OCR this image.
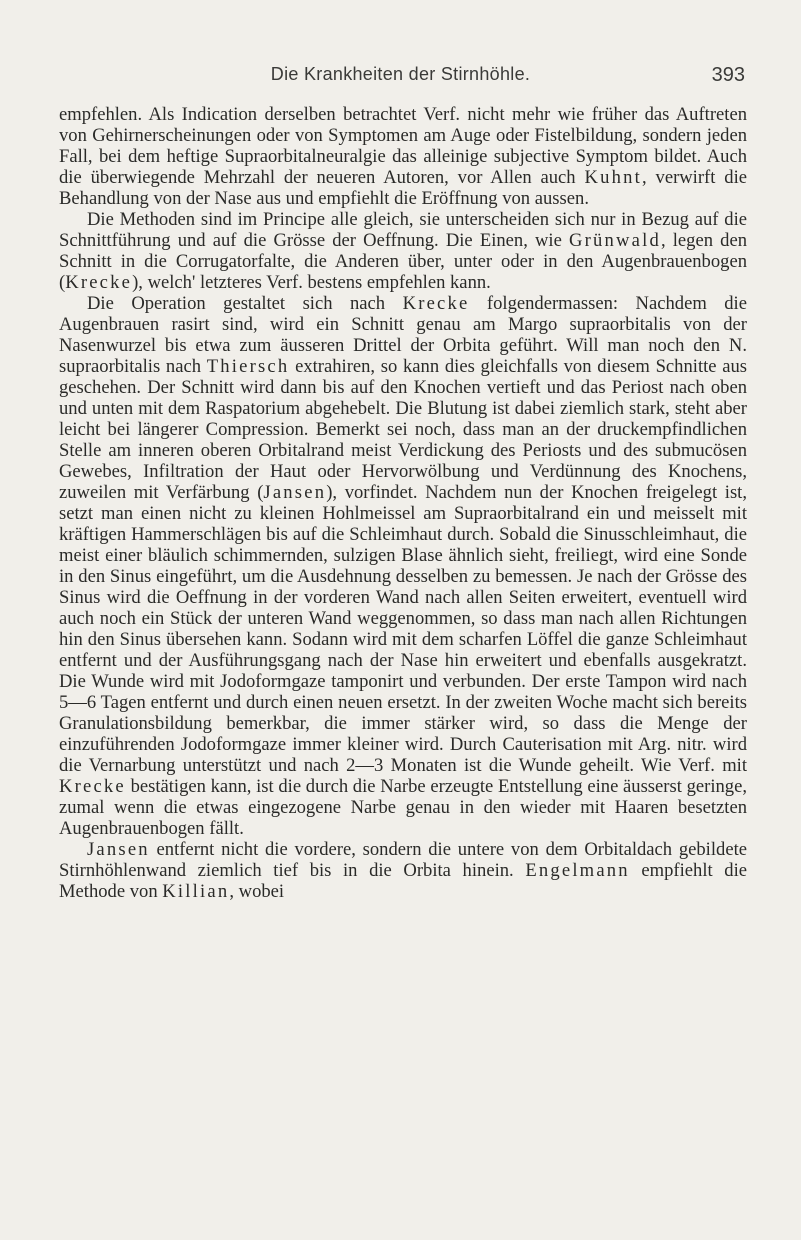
Die Krankheiten der Stirnhöhle.	393

empfehlen. Als Indication derselben betrachtet Verf. nicht mehr wie früher das Auftreten von Gehirnerscheinungen oder von Symptomen am Auge oder Fistelbildung, sondern jeden Fall, bei dem heftige Supraorbitalneuralgie das alleinige subjective Symptom bildet. Auch die überwiegende Mehrzahl der neueren Autoren, vor Allen auch Kuhnt, verwirft die Behandlung von der Nase aus und empfiehlt die Eröffnung von aussen.

Die Methoden sind im Principe alle gleich, sie unterscheiden sich nur in Bezug auf die Schnittführung und auf die Grösse der Oeffnung. Die Einen, wie Grünwald, legen den Schnitt in die Corrugatorfalte, die Anderen über, unter oder in den Augenbrauenbogen (Krecke), welch' letzteres Verf. bestens empfehlen kann.

Die Operation gestaltet sich nach Krecke folgendermassen: Nachdem die Augenbrauen rasirt sind, wird ein Schnitt genau am Margo supraorbitalis von der Nasenwurzel bis etwa zum äusseren Drittel der Orbita geführt. Will man noch den N. supraorbitalis nach Thiersch extrahiren, so kann dies gleichfalls von diesem Schnitte aus geschehen. Der Schnitt wird dann bis auf den Knochen vertieft und das Periost nach oben und unten mit dem Raspatorium abgehebelt. Die Blutung ist dabei ziemlich stark, steht aber leicht bei längerer Compression. Bemerkt sei noch, dass man an der druckempfindlichen Stelle am inneren oberen Orbitalrand meist Verdickung des Periosts und des submucösen Gewebes, Infiltration der Haut oder Hervorwölbung und Verdünnung des Knochens, zuweilen mit Verfärbung (Jansen), vorfindet. Nachdem nun der Knochen freigelegt ist, setzt man einen nicht zu kleinen Hohlmeissel am Supraorbitalrand ein und meisselt mit kräftigen Hammerschlägen bis auf die Schleimhaut durch. Sobald die Sinusschleimhaut, die meist einer bläulich schimmernden, sulzigen Blase ähnlich sieht, freiliegt, wird eine Sonde in den Sinus eingeführt, um die Ausdehnung desselben zu bemessen. Je nach der Grösse des Sinus wird die Oeffnung in der vorderen Wand nach allen Seiten erweitert, eventuell wird auch noch ein Stück der unteren Wand weggenommen, so dass man nach allen Richtungen hin den Sinus übersehen kann. Sodann wird mit dem scharfen Löffel die ganze Schleimhaut entfernt und der Ausführungsgang nach der Nase hin erweitert und ebenfalls ausgekratzt. Die Wunde wird mit Jodoformgaze tamponirt und verbunden. Der erste Tampon wird nach 5—6 Tagen entfernt und durch einen neuen ersetzt. In der zweiten Woche macht sich bereits Granulationsbildung bemerkbar, die immer stärker wird, so dass die Menge der einzuführenden Jodoformgaze immer kleiner wird. Durch Cauterisation mit Arg. nitr. wird die Vernarbung unterstützt und nach 2—3 Monaten ist die Wunde geheilt. Wie Verf. mit Krecke bestätigen kann, ist die durch die Narbe erzeugte Entstellung eine äusserst geringe, zumal wenn die etwas eingezogene Narbe genau in den wieder mit Haaren besetzten Augenbrauenbogen fällt.

Jansen entfernt nicht die vordere, sondern die untere von dem Orbitaldach gebildete Stirnhöhlenwand ziemlich tief bis in die Orbita hinein. Engelmann empfiehlt die Methode von Killian, wobei
